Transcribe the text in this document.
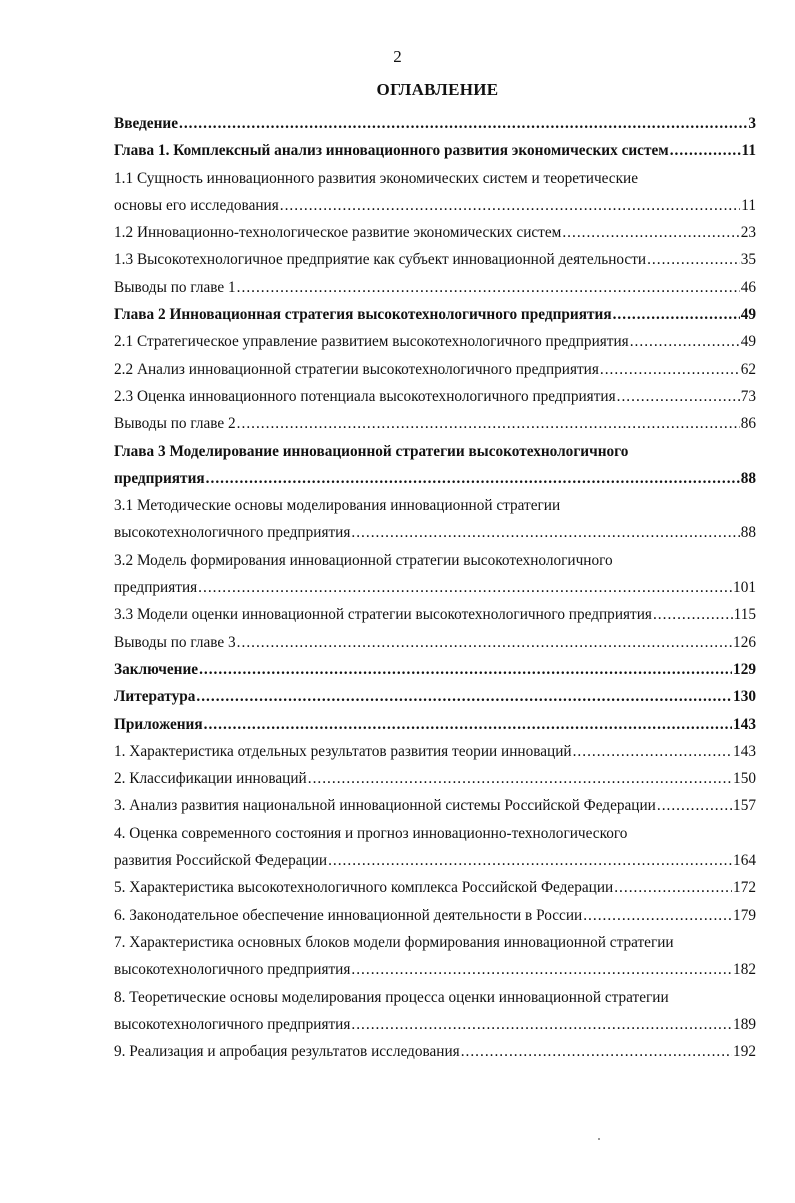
2
ОГЛАВЛЕНИЕ
Введение .....	3
Глава 1. Комплексный анализ инновационного развития экономических систем .....	11
1.1 Сущность инновационного развития экономических систем и теоретические
основы его исследования .....	11
1.2 Инновационно-технологическое развитие экономических систем .....	23
1.3 Высокотехнологичное предприятие как субъект инновационной деятельности .....	35
Выводы по главе 1 .....	46
Глава 2 Инновационная стратегия высокотехнологичного предприятия .....	49
2.1 Стратегическое управление развитием высокотехнологичного предприятия .....	49
2.2 Анализ инновационной стратегии высокотехнологичного предприятия .....	62
2.3 Оценка инновационного потенциала высокотехнологичного предприятия .....	73
Выводы по главе 2 .....	86
Глава 3 Моделирование инновационной стратегии высокотехнологичного
предприятия .....	88
3.1 Методические основы моделирования инновационной стратегии
высокотехнологичного предприятия .....	88
3.2 Модель формирования инновационной стратегии высокотехнологичного
предприятия .....	101
3.3 Модели оценки инновационной стратегии высокотехнологичного предприятия .....	115
Выводы по главе 3 .....	126
Заключение .....	129
Литература .....	130
Приложения .....	143
1. Характеристика отдельных результатов развития теории инноваций .....	143
2. Классификации инноваций .....	150
3. Анализ развития национальной инновационной системы Российской Федерации .....	157
4. Оценка современного состояния и прогноз инновационно-технологического
развития Российской Федерации .....	164
5. Характеристика высокотехнологичного комплекса Российской Федерации .....	172
6. Законодательное обеспечение инновационной деятельности в России .....	179
7. Характеристика основных блоков модели формирования инновационной стратегии
высокотехнологичного предприятия .....	182
8. Теоретические основы моделирования процесса оценки инновационной стратегии
высокотехнологичного предприятия .....	189
9. Реализация и апробация результатов исследования .....	192
